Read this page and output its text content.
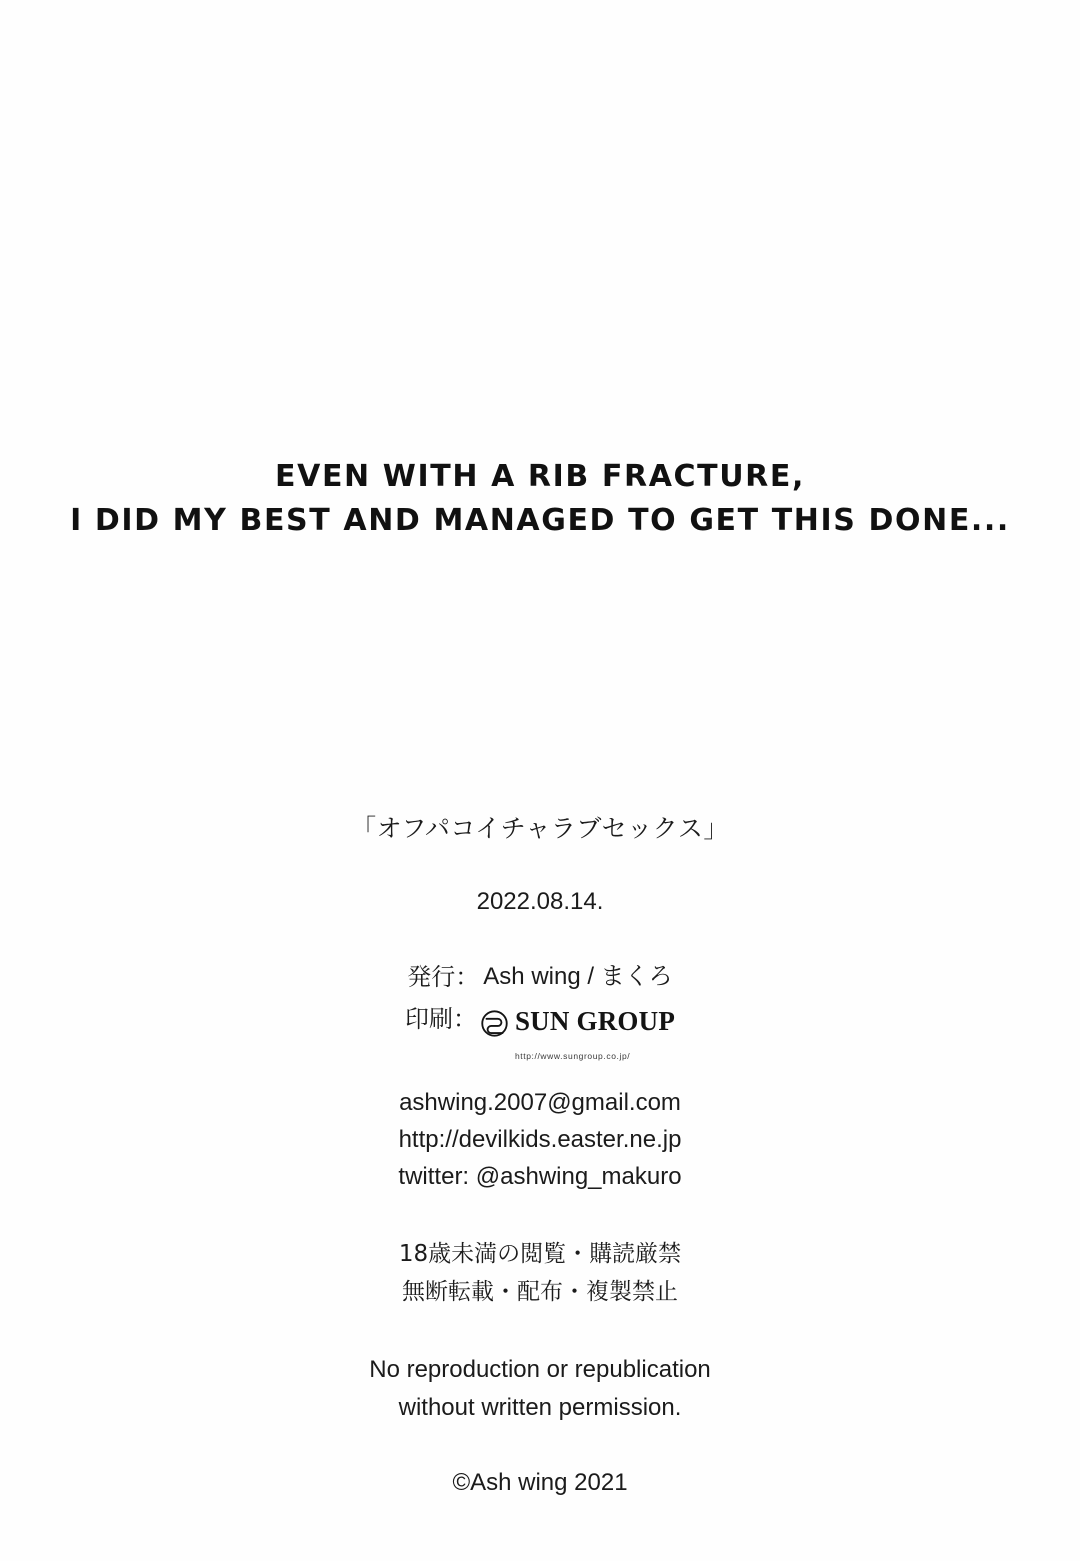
EVEN WITH A RIB FRACTURE,
I DID MY BEST AND MANAGED TO GET THIS DONE...
「オフパコイチャラブセックス」
2022.08.14.
発行： Ash wing / まくろ
印刷： SUN GROUP
http://www.sungroup.co.jp/
ashwing.2007@gmail.com
http://devilkids.easter.ne.jp
twitter: @ashwing_makuro
18歳未満の閲覧・購読厳禁
無断転載・配布・複製禁止
No reproduction or republication
without written permission.
©Ash wing 2021
